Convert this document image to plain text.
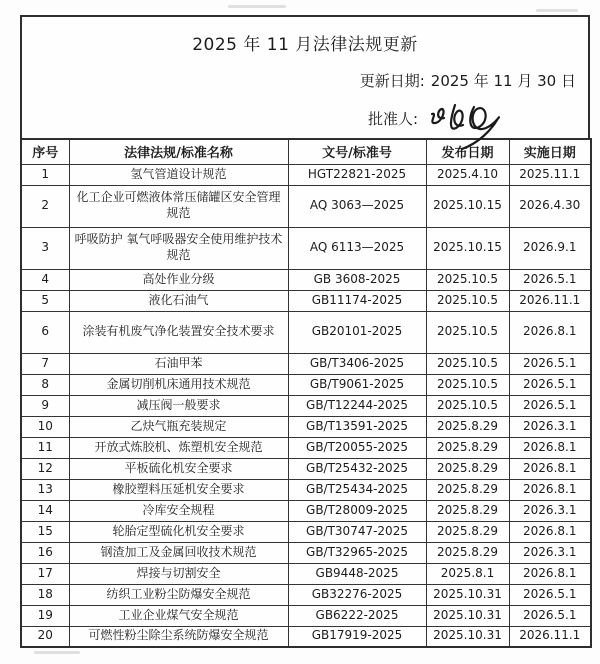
2025 年 11 月法律法规更新
更新日期: 2025 年 11 月 30 日
批准人:
序号	法律法规/标准名称	文号/标准号	发布日期	实施日期
1	氢气管道设计规范	HGT22821-2025	2025.4.10	2025.11.1
2	化工企业可燃液体常压储罐区安全管理规范	AQ 3063—2025	2025.10.15	2026.4.30
3	呼吸防护 氧气呼吸器安全使用维护技术规范	AQ 6113—2025	2025.10.15	2026.9.1
4	高处作业分级	GB 3608-2025	2025.10.5	2026.5.1
5	液化石油气	GB11174-2025	2025.10.5	2026.11.1
6	涂装有机废气净化装置安全技术要求	GB20101-2025	2025.10.5	2026.8.1
7	石油甲苯	GB/T3406-2025	2025.10.5	2026.5.1
8	金属切削机床通用技术规范	GB/T9061-2025	2025.10.5	2026.5.1
9	减压阀一般要求	GB/T12244-2025	2025.10.5	2026.5.1
10	乙炔气瓶充装规定	GB/T13591-2025	2025.8.29	2026.3.1
11	开放式炼胶机、炼塑机安全规范	GB/T20055-2025	2025.8.29	2026.8.1
12	平板硫化机安全要求	GB/T25432-2025	2025.8.29	2026.8.1
13	橡胶塑料压延机安全要求	GB/T25434-2025	2025.8.29	2026.8.1
14	冷库安全规程	GB/T28009-2025	2025.8.29	2026.3.1
15	轮胎定型硫化机安全要求	GB/T30747-2025	2025.8.29	2026.8.1
16	钢渣加工及金属回收技术规范	GB/T32965-2025	2025.8.29	2026.3.1
17	焊接与切割安全	GB9448-2025	2025.8.1	2026.8.1
18	纺织工业粉尘防爆安全规范	GB32276-2025	2025.10.31	2026.5.1
19	工业企业煤气安全规范	GB6222-2025	2025.10.31	2026.5.1
20	可燃性粉尘除尘系统防爆安全规范	GB17919-2025	2025.10.31	2026.11.1
